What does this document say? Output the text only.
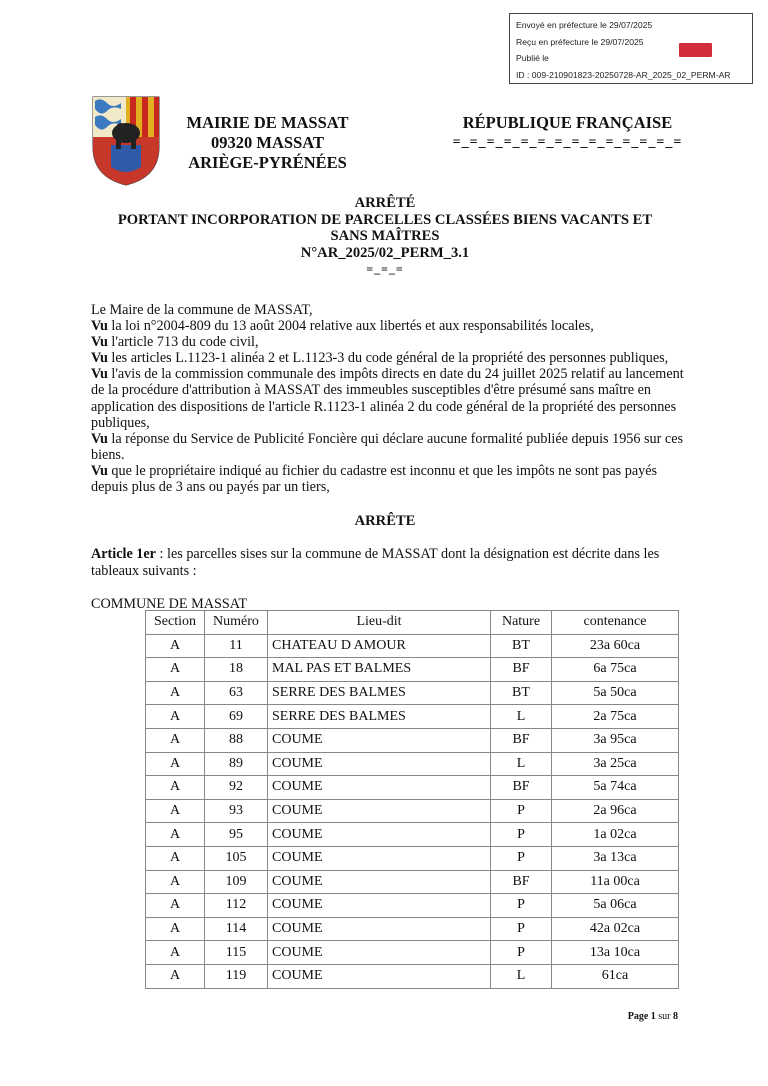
Envoyé en préfecture le 29/07/2025
Reçu en préfecture le 29/07/2025
Publié le
ID : 009-210901823-20250728-AR_2025_02_PERM-AR
MAIRIE DE MASSAT
09320 MASSAT
ARIÈGE-PYRÉNÉES
RÉPUBLIQUE FRANÇAISE
=_=_=_=_=_=_=_=_=_=_=_=_=_=
ARRÊTÉ
PORTANT INCORPORATION DE PARCELLES CLASSÉES BIENS VACANTS ET
SANS MAÎTRES
N°AR_2025/02_PERM_3.1
=_=_=

Le Maire de la commune de MASSAT,

Vu la loi n°2004-809 du 13 août 2004 relative aux libertés et aux responsabilités locales,

Vu l'article 713 du code civil,

Vu les articles L.1123-1 alinéa 2 et L.1123-3 du code général de la propriété des personnes publiques,

Vu l'avis de la commission communale des impôts directs en date du 24 juillet 2025 relatif au lancement de la procédure d'attribution à MASSAT des immeubles susceptibles d'être présumé sans maître en application des dispositions de l'article R.1123-1 alinéa 2 du code général de la propriété des personnes publiques,

Vu la réponse du Service de Publicité Foncière qui déclare aucune formalité publiée depuis 1956 sur ces biens.

Vu que le propriétaire indiqué au fichier du cadastre est inconnu et que les impôts ne sont pas payés depuis plus de 3 ans ou payés par un tiers,

ARRÊTE
Article 1er : les parcelles sises sur la commune de MASSAT dont la désignation est décrite dans les tableaux suivants :
COMMUNE DE MASSAT
Section	Numéro	Lieu-dit	Nature	contenance
A	11	CHATEAU D AMOUR	BT	23a 60ca
A	18	MAL PAS ET BALMES	BF	6a 75ca
A	63	SERRE DES BALMES	BT	5a 50ca
A	69	SERRE DES BALMES	L	2a 75ca
A	88	COUME	BF	3a 95ca
A	89	COUME	L	3a 25ca
A	92	COUME	BF	5a 74ca
A	93	COUME	P	2a 96ca
A	95	COUME	P	1a 02ca
A	105	COUME	P	3a 13ca
A	109	COUME	BF	11a 00ca
A	112	COUME	P	5a 06ca
A	114	COUME	P	42a 02ca
A	115	COUME	P	13a 10ca
A	119	COUME	L	61ca
Page 1 sur 8
